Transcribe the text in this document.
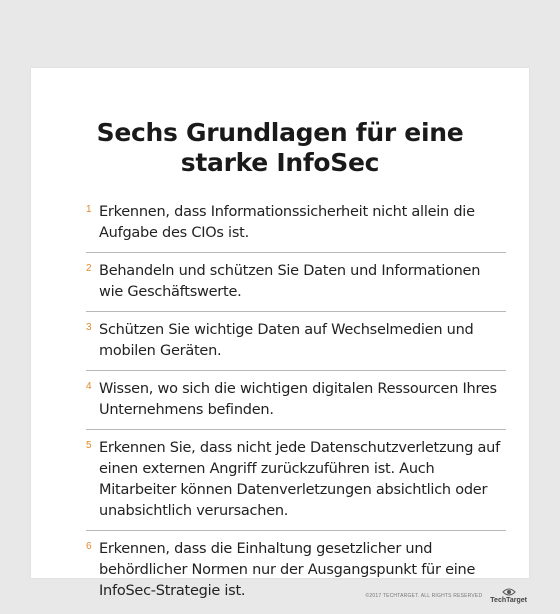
Sechs Grundlagen für eine
starke InfoSec
1 Erkennen, dass Informationssicherheit nicht allein die Aufgabe des CIOs ist.
2 Behandeln und schützen Sie Daten und Informationen wie Geschäftswerte.
3 Schützen Sie wichtige Daten auf Wechselmedien und mobilen Geräten.
4 Wissen, wo sich die wichtigen digitalen Ressourcen Ihres Unternehmens befinden.
5 Erkennen Sie, dass nicht jede Datenschutzverletzung auf einen externen Angriff zurückzuführen ist. Auch Mitarbeiter können Datenverletzungen absichtlich oder unabsichtlich verursachen.
6 Erkennen, dass die Einhaltung gesetzlicher und behördlicher Normen nur der Ausgangspunkt für eine InfoSec-Strategie ist.	©2017 TECHTARGET. ALL RIGHTS RESERVED
TechTarget
